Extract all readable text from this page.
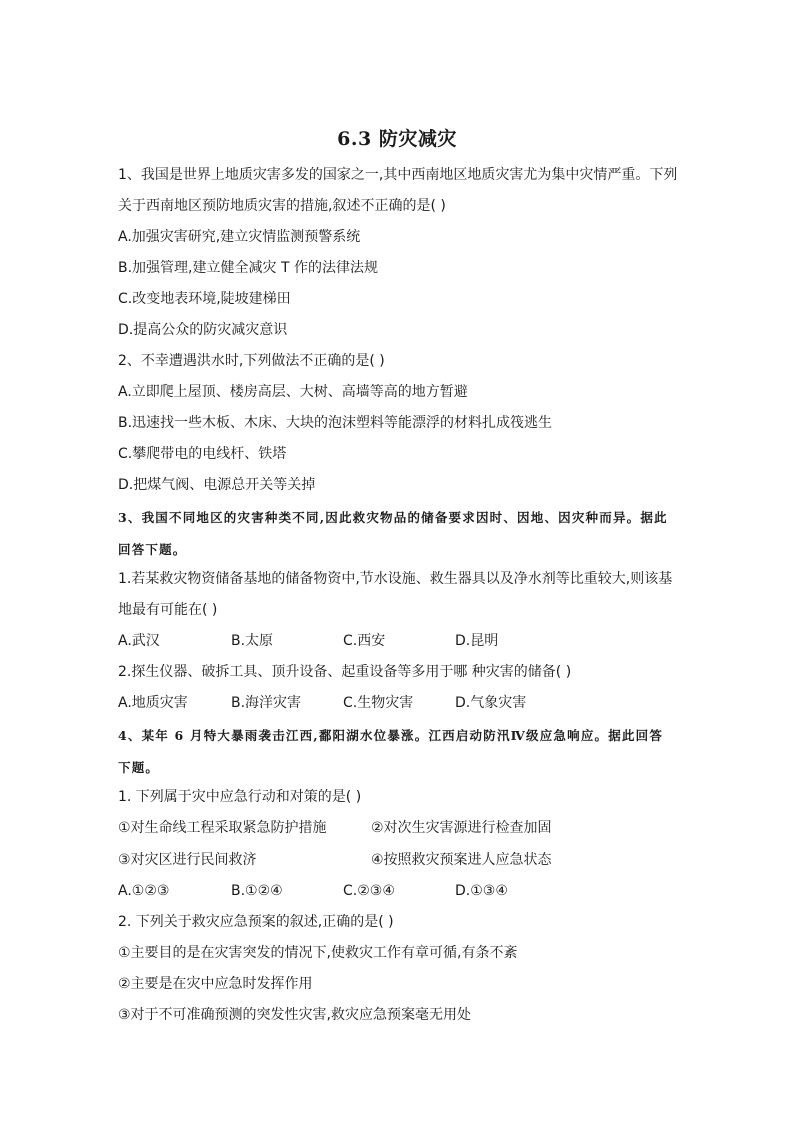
6.3 防灾减灾
1、我国是世界上地质灾害多发的国家之一,其中西南地区地质灾害尤为集中灾情严重。下列
关于西南地区预防地质灾害的措施,叙述不正确的是( )
A.加强灾害研究,建立灾情监测预警系统
B.加强管理,建立健全减灾 T 作的法律法规
C.改变地表环境,陡坡建梯田
D.提高公众的防灾减灾意识
2、不幸遭遇洪水时,下列做法不正确的是( )
A.立即爬上屋顶、楼房高层、大树、高墙等高的地方暂避
B.迅速找一些木板、木床、大块的泡沫塑料等能漂浮的材料扎成筏逃生
C.攀爬带电的电线杆、铁塔
D.把煤气阀、电源总开关等关掉
3、我国不同地区的灾害种类不同,因此救灾物品的储备要求因时、因地、因灾种而异。据此
回答下题。
1.若某救灾物资储备基地的储备物资中,节水设施、救生器具以及净水剂等比重较大,则该基
地最有可能在( )
A.武汉	B.太原	C.西安	D.昆明
2.探生仪器、破拆工具、顶升设备、起重设备等多用于哪 种灾害的储备( )
A.地质灾害	B.海洋灾害	C.生物灾害	D.气象灾害
4、某年 6 月特大暴雨袭击江西,鄱阳湖水位暴涨。江西启动防汛Ⅳ级应急响应。据此回答
下题。
1. 下列属于灾中应急行动和对策的是( )
①对生命线工程采取紧急防护措施	②对次生灾害源进行检查加固
③对灾区进行民间救济	④按照救灾预案进人应急状态
A.①②③	B.①②④	C.②③④	D.①③④
2. 下列关于救灾应急预案的叙述,正确的是( )
①主要目的是在灾害突发的情况下,使救灾工作有章可循,有条不紊
②主要是在灾中应急时发挥作用
③对于不可准确预测的突发性灾害,救灾应急预案毫无用处
